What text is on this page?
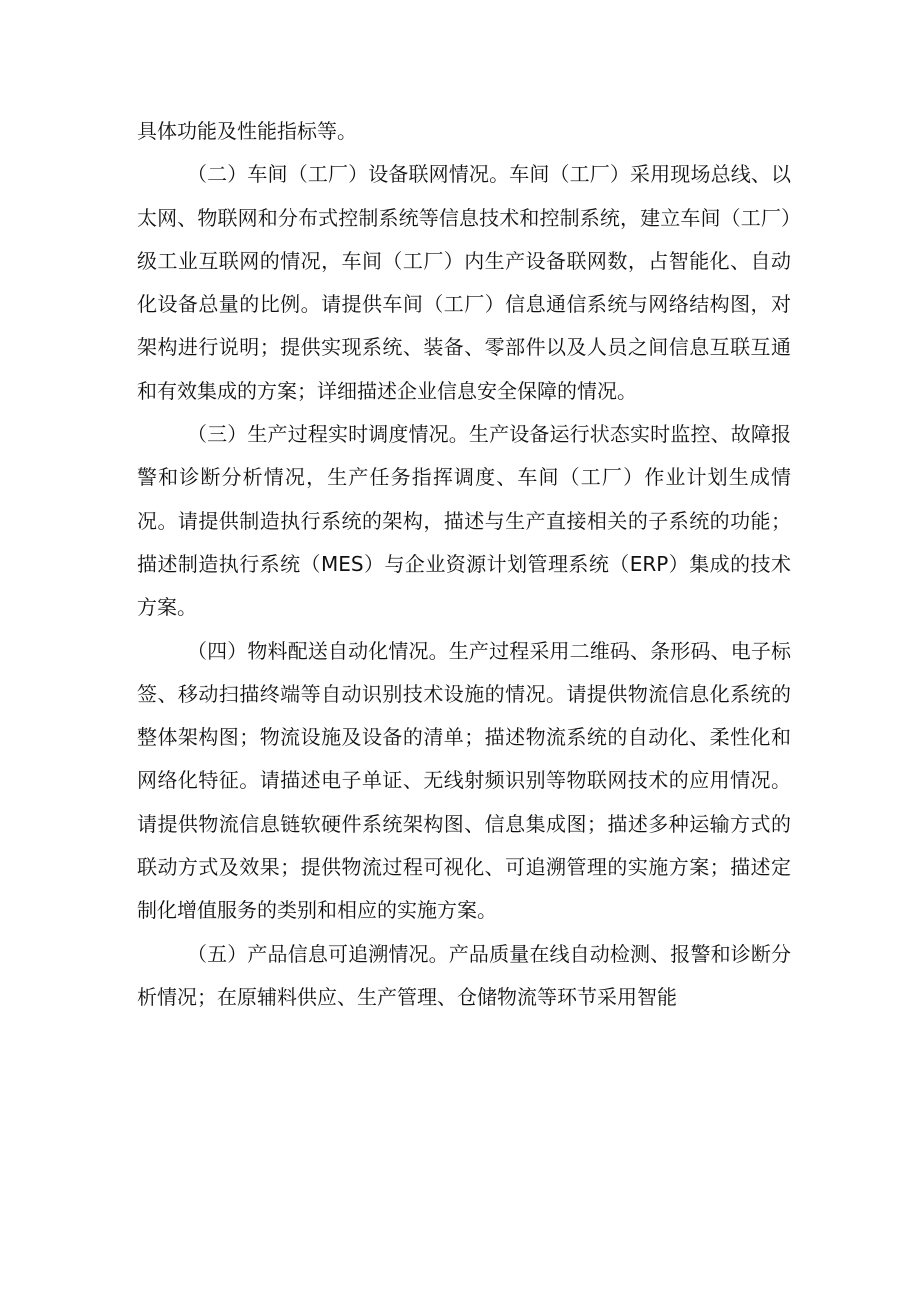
具体功能及性能指标等。

（二）车间（工厂）设备联网情况。车间（工厂）采用现场总线、以太网、物联网和分布式控制系统等信息技术和控制系统，建立车间（工厂）级工业互联网的情况，车间（工厂）内生产设备联网数，占智能化、自动化设备总量的比例。请提供车间（工厂）信息通信系统与网络结构图，对架构进行说明；提供实现系统、装备、零部件以及人员之间信息互联互通和有效集成的方案；详细描述企业信息安全保障的情况。

（三）生产过程实时调度情况。生产设备运行状态实时监控、故障报警和诊断分析情况，生产任务指挥调度、车间（工厂）作业计划生成情况。请提供制造执行系统的架构，描述与生产直接相关的子系统的功能；描述制造执行系统（MES）与企业资源计划管理系统（ERP）集成的技术方案。

（四）物料配送自动化情况。生产过程采用二维码、条形码、电子标签、移动扫描终端等自动识别技术设施的情况。请提供物流信息化系统的整体架构图；物流设施及设备的清单；描述物流系统的自动化、柔性化和网络化特征。请描述电子单证、无线射频识别等物联网技术的应用情况。请提供物流信息链软硬件系统架构图、信息集成图；描述多种运输方式的联动方式及效果；提供物流过程可视化、可追溯管理的实施方案；描述定制化增值服务的类别和相应的实施方案。

（五）产品信息可追溯情况。产品质量在线自动检测、报警和诊断分析情况；在原辅料供应、生产管理、仓储物流等环节采用智能
